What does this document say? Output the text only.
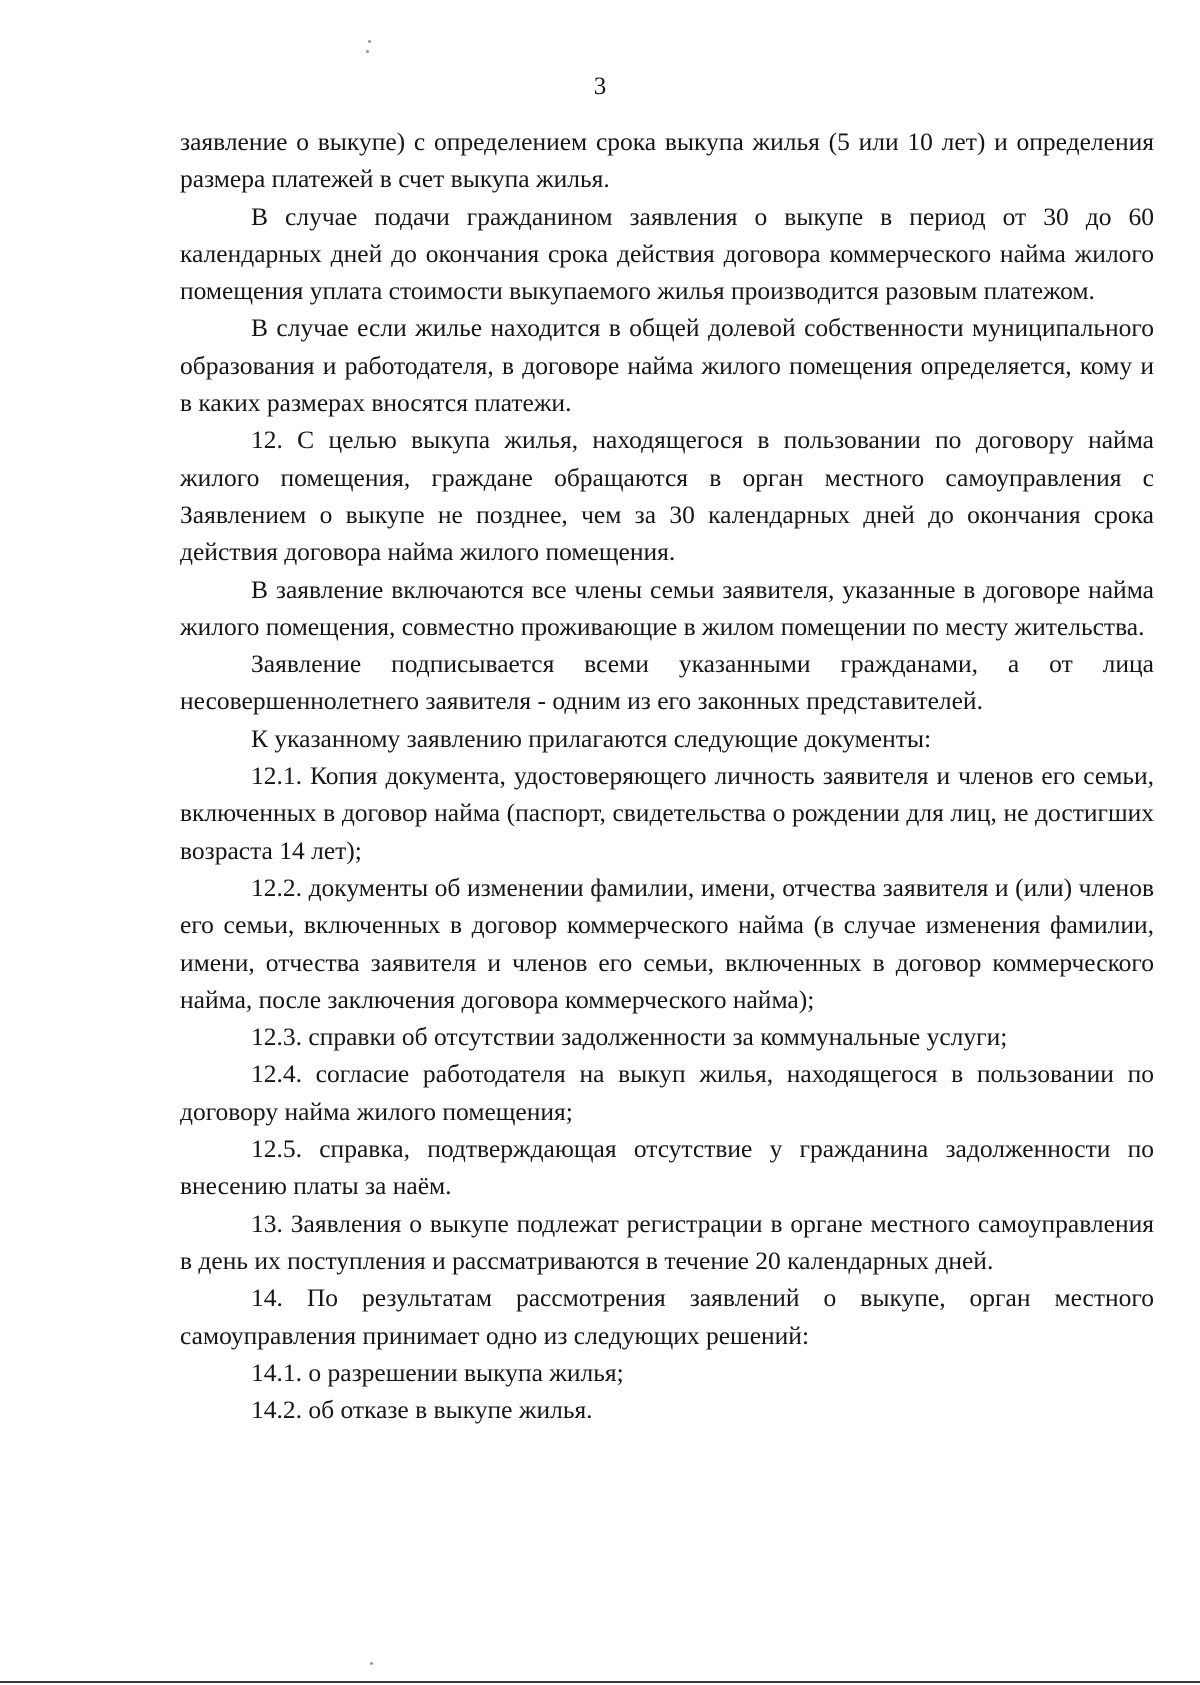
3

заявление о выкупе) с определением срока выкупа жилья (5 или 10 лет) и определения размера платежей в счет выкупа жилья.

В случае подачи гражданином заявления о выкупе в период от 30 до 60 календарных дней до окончания срока действия договора коммерческого найма жилого помещения уплата стоимости выкупаемого жилья производится разовым платежом.

В случае если жилье находится в общей долевой собственности муниципального образования и работодателя, в договоре найма жилого помещения определяется, кому и в каких размерах вносятся платежи.

12. С целью выкупа жилья, находящегося в пользовании по договору найма жилого помещения, граждане обращаются в орган местного самоуправления с Заявлением о выкупе не позднее, чем за 30 календарных дней до окончания срока действия договора найма жилого помещения.

В заявление включаются все члены семьи заявителя, указанные в договоре найма жилого помещения, совместно проживающие в жилом помещении по месту жительства.

Заявление подписывается всеми указанными гражданами, а от лица несовершеннолетнего заявителя - одним из его законных представителей.

К указанному заявлению прилагаются следующие документы:

12.1. Копия документа, удостоверяющего личность заявителя и членов его семьи, включенных в договор найма (паспорт, свидетельства о рождении для лиц, не достигших возраста 14 лет);

12.2. документы об изменении фамилии, имени, отчества заявителя и (или) членов его семьи, включенных в договор коммерческого найма (в случае изменения фамилии, имени, отчества заявителя и членов его семьи, включенных в договор коммерческого найма, после заключения договора коммерческого найма);

12.3. справки об отсутствии задолженности за коммунальные услуги;

12.4. согласие работодателя на выкуп жилья, находящегося в пользовании по договору найма жилого помещения;

12.5. справка, подтверждающая отсутствие у гражданина задолженности по внесению платы за наём.

13. Заявления о выкупе подлежат регистрации в органе местного самоуправления в день их поступления и рассматриваются в течение 20 календарных дней.

14. По результатам рассмотрения заявлений о выкупе, орган местного самоуправления принимает одно из следующих решений:

14.1. о разрешении выкупа жилья;

14.2. об отказе в выкупе жилья.
